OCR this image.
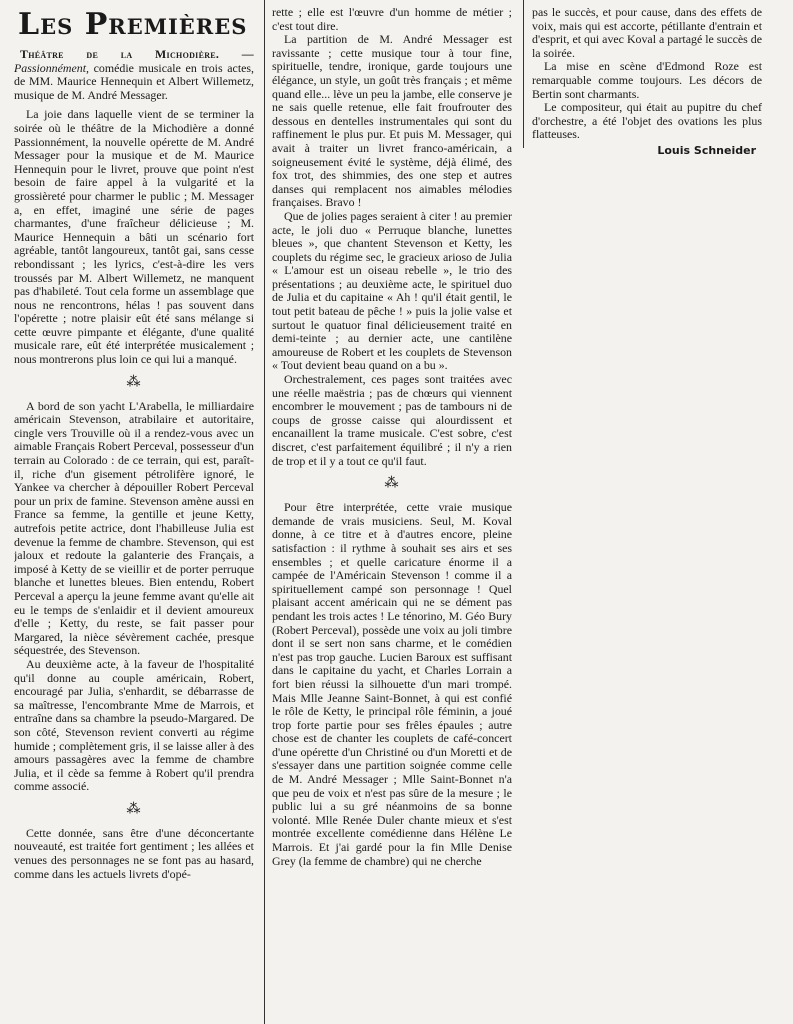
Les Premières
Théâtre de la Michodière. — Passionnément, comédie musicale en trois actes, de MM. Maurice Hennequin et Albert Willemetz, musique de M. André Messager.

La joie dans laquelle vient de se terminer la soirée où le théâtre de la Michodière a donné Passionnément, la nouvelle opérette de M. André Messager pour la musique et de M. Maurice Hennequin pour le livret, prouve que point n'est besoin de faire appel à la vulgarité et la grossièreté pour charmer le public ; M. Messager a, en effet, imaginé une série de pages charmantes, d'une fraîcheur délicieuse ; M. Maurice Hennequin a bâti un scénario fort agréable, tantôt langoureux, tantôt gai, sans cesse rebondissant ; les lyrics, c'est-à-dire les vers troussés par M. Albert Willemetz, ne manquent pas d'habileté. Tout cela forme un assemblage que nous ne rencontrons, hélas ! pas souvent dans l'opérette ; notre plaisir eût été sans mélange si cette œuvre pimpante et élégante, d'une qualité musicale rare, eût été interprétée musicalement ; nous montrerons plus loin ce qui lui a manqué.

⁂

A bord de son yacht L'Arabella, le milliardaire américain Stevenson, atrabilaire et autoritaire, cingle vers Trouville où il a rendez-vous avec un aimable Français Robert Perceval, possesseur d'un terrain au Colorado : de ce terrain, qui est, paraît-il, riche d'un gisement pétrolifère ignoré, le Yankee va chercher à dépouiller Robert Perceval pour un prix de famine. Stevenson amène aussi en France sa femme, la gentille et jeune Ketty, autrefois petite actrice, dont l'habilleuse Julia est devenue la femme de chambre. Stevenson, qui est jaloux et redoute la galanterie des Français, a imposé à Ketty de se vieillir et de porter perruque blanche et lunettes bleues. Bien entendu, Robert Perceval a aperçu la jeune femme avant qu'elle ait eu le temps de s'enlaidir et il devient amoureux d'elle ; Ketty, du reste, se fait passer pour Margared, la nièce sévèrement cachée, presque séquestrée, des Stevenson.

Au deuxième acte, à la faveur de l'hospitalité qu'il donne au couple américain, Robert, encouragé par Julia, s'enhardit, se débarrasse de sa maîtresse, l'encombrante Mme de Marrois, et entraîne dans sa chambre la pseudo-Margared. De son côté, Stevenson revient converti au régime humide ; complètement gris, il se laisse aller à des amours passagères avec la femme de chambre Julia, et il cède sa femme à Robert qu'il prendra comme associé.

⁂

Cette donnée, sans être d'une déconcertante nouveauté, est traitée fort gentiment ; les allées et venues des personnages ne se font pas au hasard, comme dans les actuels livrets d'opé-

rette ; elle est l'œuvre d'un homme de métier ; c'est tout dire.

La partition de M. André Messager est ravissante ; cette musique tour à tour fine, spirituelle, tendre, ironique, garde toujours une élégance, un style, un goût très français ; et même quand elle... lève un peu la jambe, elle conserve je ne sais quelle retenue, elle fait froufrouter des dessous en dentelles instrumentales qui sont du raffinement le plus pur. Et puis M. Messager, qui avait à traiter un livret franco-américain, a soigneusement évité le système, déjà élimé, des fox trot, des shimmies, des one step et autres danses qui remplacent nos aimables mélodies françaises. Bravo !

Que de jolies pages seraient à citer ! au premier acte, le joli duo « Perruque blanche, lunettes bleues », que chantent Stevenson et Ketty, les couplets du régime sec, le gracieux arioso de Julia « L'amour est un oiseau rebelle », le trio des présentations ; au deuxième acte, le spirituel duo de Julia et du capitaine « Ah ! qu'il était gentil, le tout petit bateau de pêche ! » puis la jolie valse et surtout le quatuor final délicieusement traité en demi-teinte ; au dernier acte, une cantilène amoureuse de Robert et les couplets de Stevenson « Tout devient beau quand on a bu ».

Orchestralement, ces pages sont traitées avec une réelle maëstria ; pas de chœurs qui viennent encombrer le mouvement ; pas de tambours ni de coups de grosse caisse qui alourdissent et encanaillent la trame musicale. C'est sobre, c'est discret, c'est parfaitement équilibré ; il n'y a rien de trop et il y a tout ce qu'il faut.

⁂

Pour être interprétée, cette vraie musique demande de vrais musiciens. Seul, M. Koval donne, à ce titre et à d'autres encore, pleine satisfaction : il rythme à souhait ses airs et ses ensembles ; et quelle caricature énorme il a campée de l'Américain Stevenson ! comme il a spirituellement campé son personnage ! Quel plaisant accent américain qui ne se dément pas pendant les trois actes ! Le ténorino, M. Géo Bury (Robert Perceval), possède une voix au joli timbre dont il se sert non sans charme, et le comédien n'est pas trop gauche. Lucien Baroux est suffisant dans le capitaine du yacht, et Charles Lorrain a fort bien réussi la silhouette d'un mari trompé. Mais Mlle Jeanne Saint-Bonnet, à qui est confié le rôle de Ketty, le principal rôle féminin, a joué trop forte partie pour ses frêles épaules ; autre chose est de chanter les couplets de café-concert d'une opérette d'un Christiné ou d'un Moretti et de s'essayer dans une partition soignée comme celle de M. André Messager ; Mlle Saint-Bonnet n'a que peu de voix et n'est pas sûre de la mesure ; le public lui a su gré néanmoins de sa bonne volonté. Mlle Renée Duler chante mieux et s'est montrée excellente comédienne dans Hélène Le Marrois. Et j'ai gardé pour la fin Mlle Denise Grey (la femme de chambre) qui ne cherche

pas le succès, et pour cause, dans des effets de voix, mais qui est accorte, pétillante d'entrain et d'esprit, et qui avec Koval a partagé le succès de la soirée.

La mise en scène d'Edmond Roze est remarquable comme toujours. Les décors de Bertin sont charmants.

Le compositeur, qui était au pupitre du chef d'orchestre, a été l'objet des ovations les plus flatteuses.

Louis Schneider
